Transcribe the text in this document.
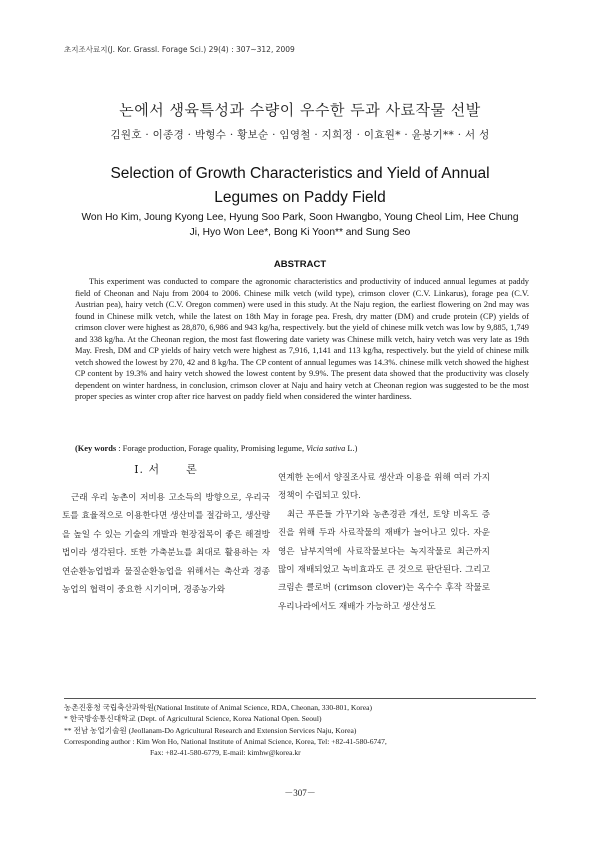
초지조사료지(J. Kor. Grassl. Forage Sci.) 29(4) : 307~312, 2009
논에서 생육특성과 수량이 우수한 두과 사료작물 선발
김원호 · 이종경 · 박형수 · 황보순 · 임영철 · 지희정 · 이효원* · 윤봉기** · 서 성
Selection of Growth Characteristics and Yield of Annual
Legumes on Paddy Field
Won Ho Kim, Joung Kyong Lee, Hyung Soo Park, Soon Hwangbo, Young Cheol Lim, Hee Chung Ji, Hyo Won Lee*, Bong Ki Yoon** and Sung Seo
ABSTRACT
This experiment was conducted to compare the agronomic characteristics and productivity of induced annual legumes at paddy field of Cheonan and Naju from 2004 to 2006. Chinese milk vetch (wild type), crimson clover (C.V. Linkarus), forage pea (C.V. Austrian pea), hairy vetch (C.V. Oregon commen) were used in this study. At the Naju region, the earliest flowering on 2nd may was found in Chinese milk vetch, while the latest on 18th May in forage pea. Fresh, dry matter (DM) and crude protein (CP) yields of crimson clover were highest as 28,870, 6,986 and 943 kg/ha, respectively. but the yield of chinese milk vetch was low by 9,885, 1,749 and 338 kg/ha. At the Cheonan region, the most fast flowering date variety was Chinese milk vetch, hairy vetch was very late as 19th May. Fresh, DM and CP yields of hairy vetch were highest as 7,916, 1,141 and 113 kg/ha, respectively. but the yield of chinese milk vetch showed the lowest by 270, 42 and 8 kg/ha. The CP content of annual legumes was 14.3%. chinese milk vetch showed the highest CP content by 19.3% and hairy vetch showed the lowest content by 9.9%. The present data showed that the productivity was closely dependent on winter hardness, in conclusion, crimson clover at Naju and hairy vetch at Cheonan region was suggested to be the most proper species as winter crop after rice harvest on paddy field when considered the winter hardiness.
(Key words : Forage production, Forage quality, Promising legume, Vicia sativa L.)
Ⅰ. 서 론

근래 우리 농촌이 저비용 고소득의 방향으로, 우리국토를 효율적으로 이용한다면 생산비를 절감하고, 생산량을 높일 수 있는 기술의 개발과 현장접목이 좋은 해결방법이라 생각된다. 또한 가축분뇨를 최대로 활용하는 자연순환농업법과 물질순환농업을 위해서는 축산과 경종농업의 협력이 중요한 시기이며, 경종농가와

연계한 논에서 양질조사료 생산과 이용을 위해 여러 가지 정책이 수립되고 있다.

최근 푸른들 가꾸기와 농촌경관 개선, 토양 비옥도 증진을 위해 두과 사료작물의 재배가 늘어나고 있다. 자운영은 남부지역에 사료작물보다는 녹지작물로 최근까지 많이 재배되었고 녹비효과도 큰 것으로 판단된다. 그리고 크림손 클로버 (crimson clover)는 옥수수 후작 작물로 우리나라에서도 재배가 가능하고 생산성도

농촌진흥청 국립축산과학원(National Institute of Animal Science, RDA, Cheonan, 330-801, Korea)
* 한국방송통신대학교 (Dept. of Agricultural Science, Korea National Open. Seoul)
** 전남 농업기술원 (Jeollanam-Do Agricultural Research and Extension Services Naju, Korea)
Corresponding author : Kim Won Ho, National Institute of Animal Science, Korea, Tel: +82-41-580-6747,
Fax: +82-41-580-6779, E-mail: kimhw@korea.kr
－307－
